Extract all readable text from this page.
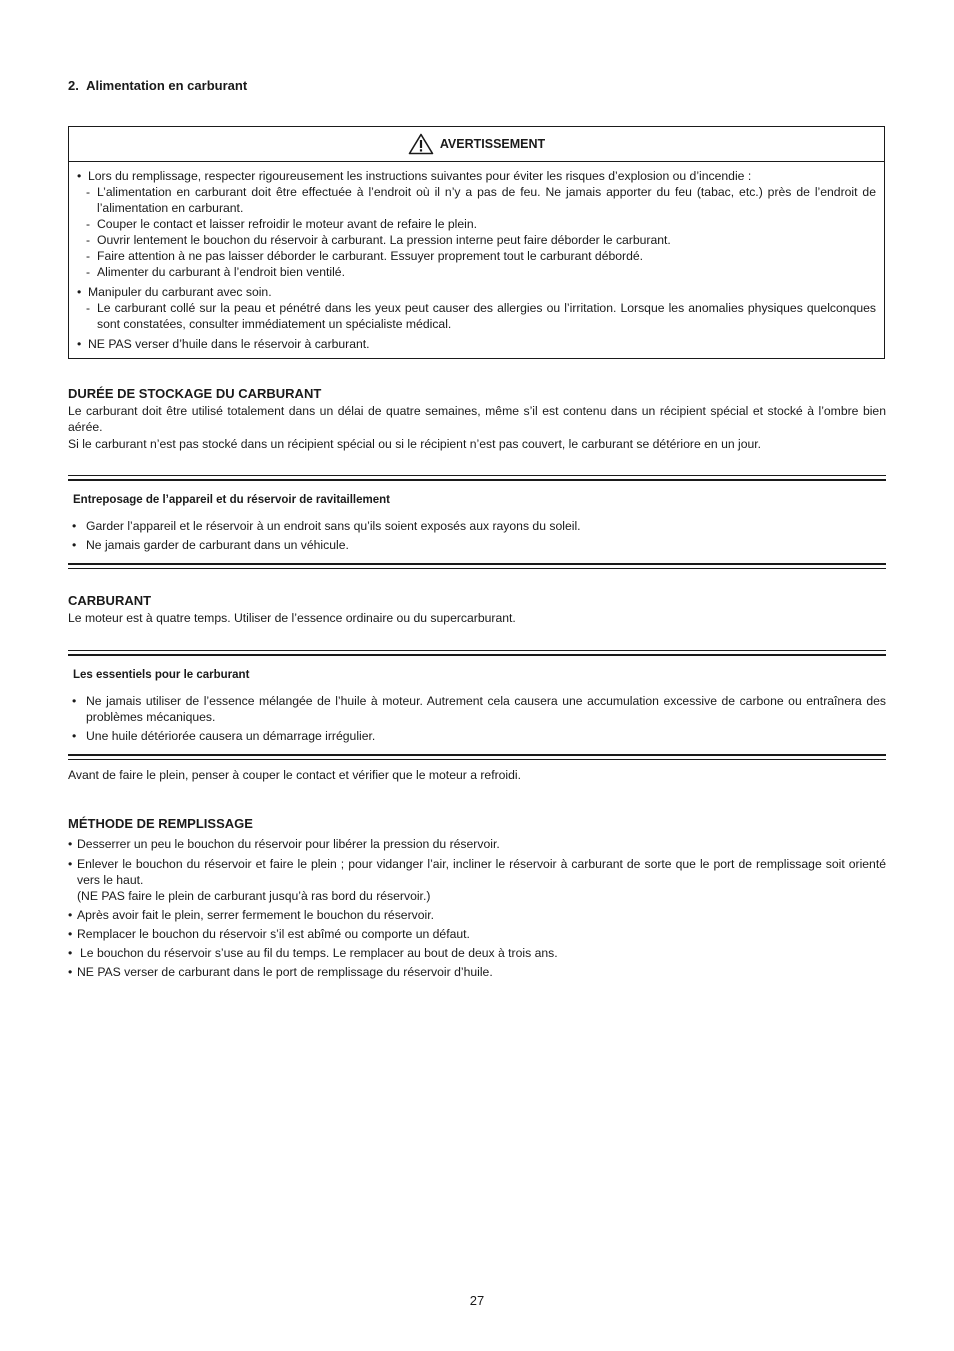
2.  Alimentation en carburant
AVERTISSEMENT

• Lors du remplissage, respecter rigoureusement les instructions suivantes pour éviter les risques d’explosion ou d’incendie :

- L’alimentation en carburant doit être effectuée à l’endroit où il n’y a pas de feu. Ne jamais apporter du feu (tabac, etc.) près de l’endroit de l’alimentation en carburant.

- Couper le contact et laisser refroidir le moteur avant de refaire le plein.

- Ouvrir lentement le bouchon du réservoir à carburant. La pression interne peut faire déborder le carburant.

- Faire attention à ne pas laisser déborder le carburant. Essuyer proprement tout le carburant débordé.

- Alimenter du carburant à l’endroit bien ventilé.

• Manipuler du carburant avec soin.

- Le carburant collé sur la peau et pénétré dans les yeux peut causer des allergies ou l’irritation. Lorsque les anomalies physiques quelconques sont constatées, consulter immédiatement un spécialiste médical.

• NE PAS verser d’huile dans le réservoir à carburant.

DURÉE DE STOCKAGE DU CARBURANT
Le carburant doit être utilisé totalement dans un délai de quatre semaines, même s’il est contenu dans un récipient spécial et stocké à l’ombre bien aérée.
Si le carburant n’est pas stocké dans un récipient spécial ou si le récipient n’est pas couvert, le carburant se détériore en un jour.
Entreposage de l’appareil et du réservoir de ravitaillement

• Garder l’appareil et le réservoir à un endroit sans qu’ils soient exposés aux rayons du soleil.

• Ne jamais garder de carburant dans un véhicule.

CARBURANT
Le moteur est à quatre temps. Utiliser de l’essence ordinaire ou du supercarburant.
Les essentiels pour le carburant

• Ne jamais utiliser de l’essence mélangée de l’huile à moteur. Autrement cela causera une accumulation excessive de carbone ou entraînera des problèmes mécaniques.

• Une huile détériorée causera un démarrage irrégulier.

Avant de faire le plein, penser à couper le contact et vérifier que le moteur a refroidi.
MÉTHODE DE REMPLISSAGE

• Desserrer un peu le bouchon du réservoir pour libérer la pression du réservoir.

• Enlever le bouchon du réservoir et faire le plein ; pour vidanger l’air, incliner le réservoir à carburant de sorte que le port de remplissage soit orienté vers le haut.
(NE PAS faire le plein de carburant jusqu’à ras bord du réservoir.)

• Après avoir fait le plein, serrer fermement le bouchon du réservoir.

• Remplacer le bouchon du réservoir s’il est abîmé ou comporte un défaut.

• Le bouchon du réservoir s’use au fil du temps. Le remplacer au bout de deux à trois ans.

• NE PAS verser de carburant dans le port de remplissage du réservoir d’huile.

27
